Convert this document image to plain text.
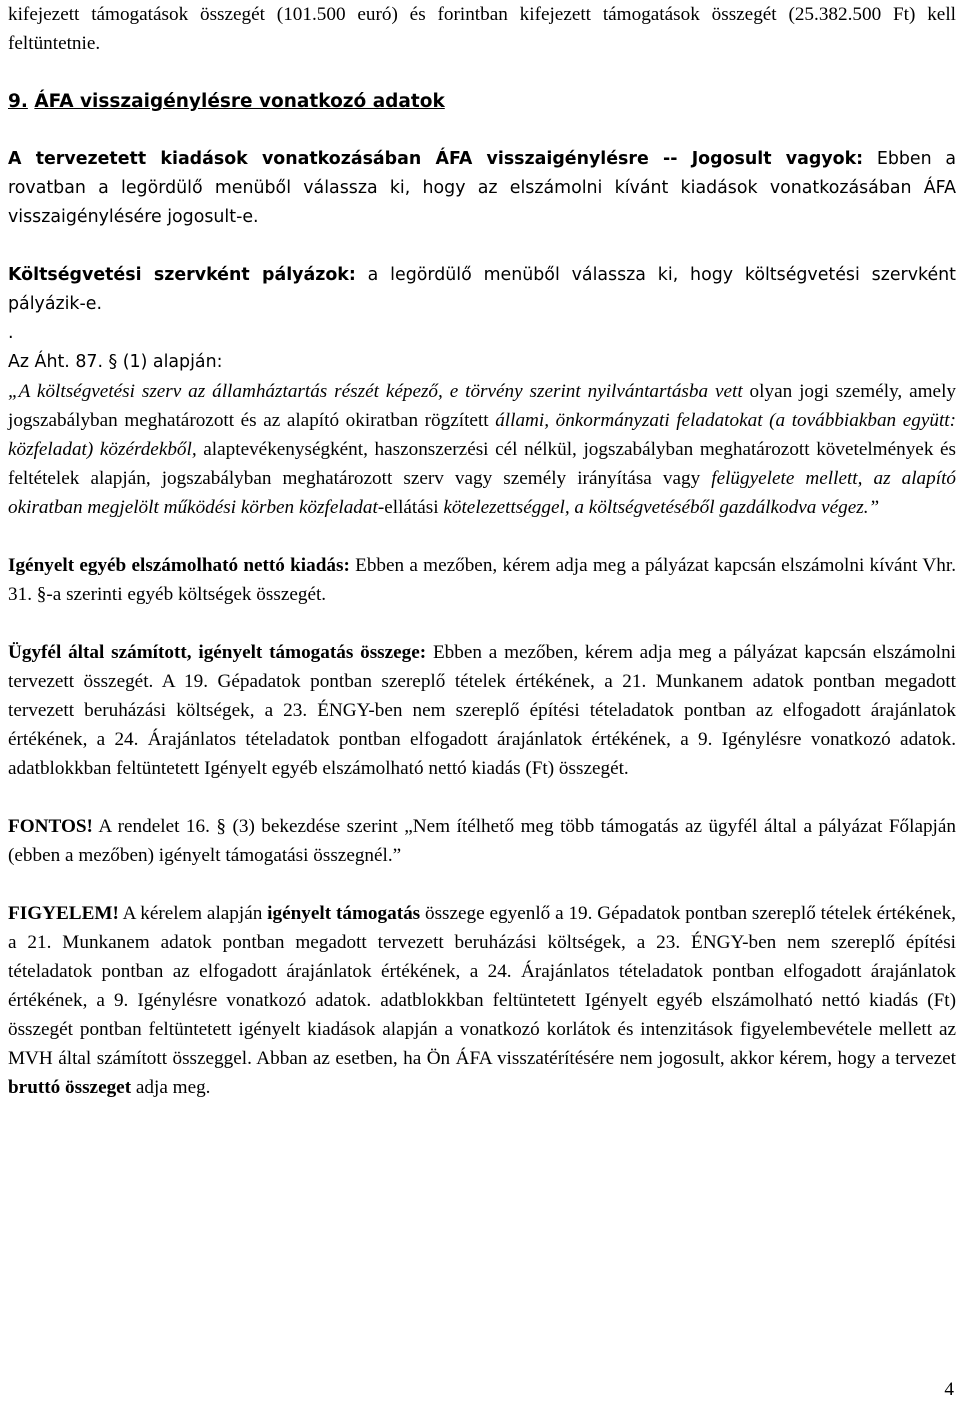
kifejezett támogatások összegét (101.500 euró) és forintban kifejezett támogatások összegét (25.382.500 Ft) kell feltüntetnie.

9. ÁFA visszaigénylésre vonatkozó adatok

A tervezetett kiadások vonatkozásában ÁFA visszaigénylésre -- Jogosult vagyok: Ebben a rovatban a legördülő menüből válassza ki, hogy az elszámolni kívánt kiadások vonatkozásában ÁFA visszaigénylésére jogosult-e.

Költségvetési szervként pályázok: a legördülő menüből válassza ki, hogy költségvetési szervként pályázik-e.

.

Az Áht. 87. § (1) alapján:

„A költségvetési szerv az államháztartás részét képező, e törvény szerint nyilvántartásba vett olyan jogi személy, amely jogszabályban meghatározott és az alapító okiratban rögzített állami, önkormányzati feladatokat (a továbbiakban együtt: közfeladat) közérdekből, alaptevékenységként, haszonszerzési cél nélkül, jogszabályban meghatározott követelmények és feltételek alapján, jogszabályban meghatározott szerv vagy személy irányítása vagy felügyelete mellett, az alapító okiratban megjelölt működési körben közfeladat-ellátási kötelezettséggel, a költségvetéséből gazdálkodva végez.”

Igényelt egyéb elszámolható nettó kiadás: Ebben a mezőben, kérem adja meg a pályázat kapcsán elszámolni kívánt Vhr. 31. §-a szerinti egyéb költségek összegét.

Ügyfél által számított, igényelt támogatás összege: Ebben a mezőben, kérem adja meg a pályázat kapcsán elszámolni tervezett összegét. A 19. Gépadatok pontban szereplő tételek értékének, a 21. Munkanem adatok pontban megadott tervezett beruházási költségek, a 23. ÉNGY-ben nem szereplő építési tételadatok pontban az elfogadott árajánlatok értékének, a 24. Árajánlatos tételadatok pontban elfogadott árajánlatok értékének, a 9. Igénylésre vonatkozó adatok. adatblokkban feltüntetett Igényelt egyéb elszámolható nettó kiadás (Ft) összegét.

FONTOS! A rendelet 16. § (3) bekezdése szerint „Nem ítélhető meg több támogatás az ügyfél által a pályázat Főlapján (ebben a mezőben) igényelt támogatási összegnél.”

FIGYELEM! A kérelem alapján igényelt támogatás összege egyenlő a 19. Gépadatok pontban szereplő tételek értékének, a 21. Munkanem adatok pontban megadott tervezett beruházási költségek, a 23. ÉNGY-ben nem szereplő építési tételadatok pontban az elfogadott árajánlatok értékének, a 24. Árajánlatos tételadatok pontban elfogadott árajánlatok értékének, a 9. Igénylésre vonatkozó adatok. adatblokkban feltüntetett Igényelt egyéb elszámolható nettó kiadás (Ft) összegét pontban feltüntetett igényelt kiadások alapján a vonatkozó korlátok és intenzitások figyelembevétele mellett az MVH által számított összeggel. Abban az esetben, ha Ön ÁFA visszatérítésére nem jogosult, akkor kérem, hogy a tervezet bruttó összeget adja meg.

4
